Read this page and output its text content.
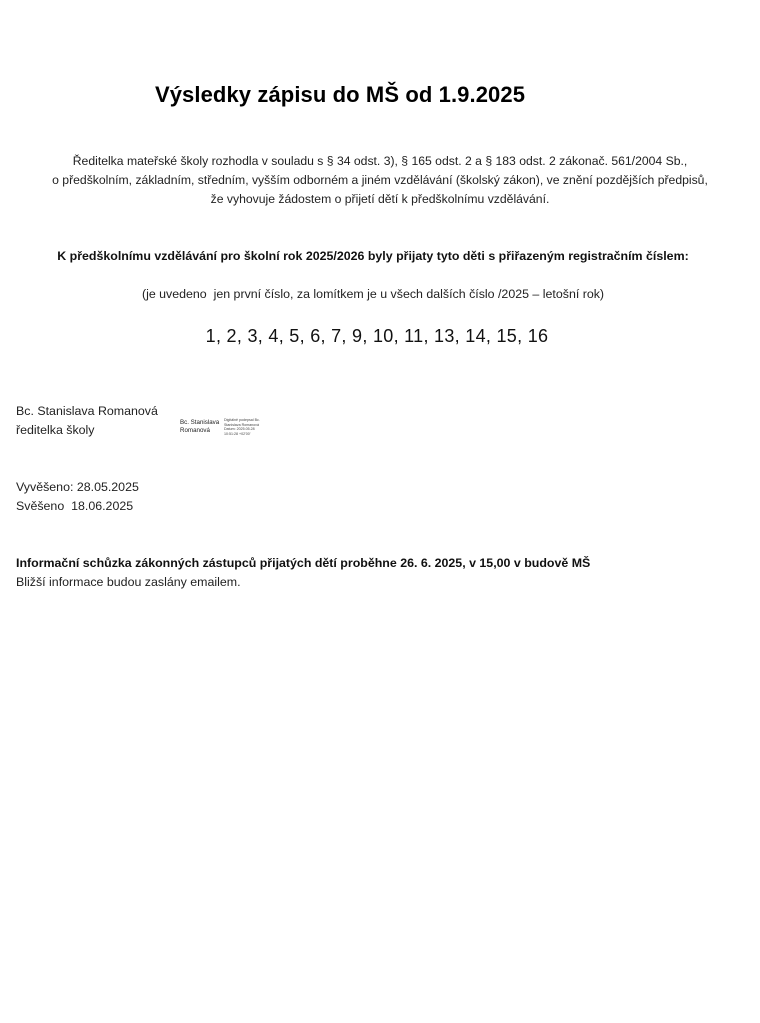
Výsledky zápisu do MŠ od 1.9.2025
Ředitelka mateřské školy rozhodla v souladu s § 34 odst. 3), § 165 odst. 2 a § 183 odst. 2 zákonač. 561/2004 Sb.,
o předškolním, základním, středním, vyšším odborném a jiném vzdělávání (školský zákon), ve znění pozdějších předpisů,
že vyhovuje žádostem o přijetí dětí k předškolnímu vzdělávání.
K předškolnímu vzdělávání pro školní rok 2025/2026 byly přijaty tyto děti s přiřazeným registračním číslem:
(je uvedeno  jen první číslo, za lomítkem je u všech dalších číslo /2025 – letošní rok)
1, 2, 3, 4, 5, 6, 7, 9, 10, 11, 13, 14, 15, 16
Bc. Stanislava Romanová
ředitelka školy
Bc. Stanislava
Romanová
Digitálně podepsal Bc.
Stanislava Romanová
Datum: 2025.05.28
10:51:28 +02'00'
Vyvěšeno: 28.05.2025
Svěšeno  18.06.2025
Informační schůzka zákonných zástupců přijatých dětí proběhne 26. 6. 2025, v 15,00 v budově MŠ
Bližší informace budou zaslány emailem.
